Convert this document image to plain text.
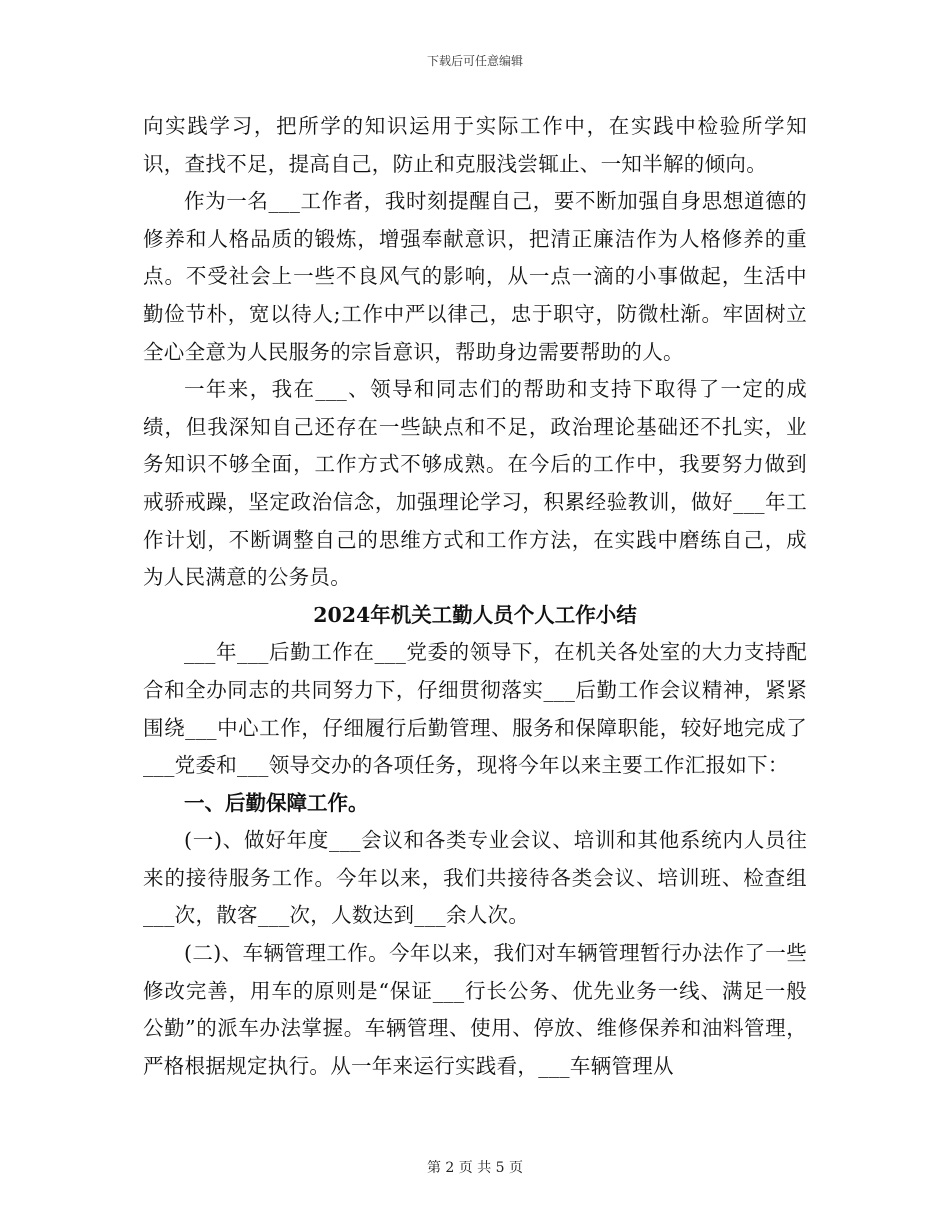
下载后可任意编辑

向实践学习，把所学的知识运用于实际工作中，在实践中检验所学知识，查找不足，提高自己，防止和克服浅尝辄止、一知半解的倾向。

作为一名___工作者，我时刻提醒自己，要不断加强自身思想道德的修养和人格品质的锻炼，增强奉献意识，把清正廉洁作为人格修养的重点。不受社会上一些不良风气的影响，从一点一滴的小事做起，生活中勤俭节朴，宽以待人;工作中严以律己，忠于职守，防微杜渐。牢固树立全心全意为人民服务的宗旨意识，帮助身边需要帮助的人。

一年来，我在___、领导和同志们的帮助和支持下取得了一定的成绩，但我深知自己还存在一些缺点和不足，政治理论基础还不扎实，业务知识不够全面，工作方式不够成熟。在今后的工作中，我要努力做到戒骄戒躁，坚定政治信念，加强理论学习，积累经验教训，做好___年工作计划，不断调整自己的思维方式和工作方法，在实践中磨练自己，成为人民满意的公务员。

2024年机关工勤人员个人工作小结

___年___后勤工作在___党委的领导下，在机关各处室的大力支持配合和全办同志的共同努力下，仔细贯彻落实___后勤工作会议精神，紧紧围绕___中心工作，仔细履行后勤管理、服务和保障职能，较好地完成了___党委和___领导交办的各项任务，现将今年以来主要工作汇报如下：

一、后勤保障工作。

(一)、做好年度___会议和各类专业会议、培训和其他系统内人员往来的接待服务工作。今年以来，我们共接待各类会议、培训班、检查组___次，散客___次，人数达到___余人次。

(二)、车辆管理工作。今年以来，我们对车辆管理暂行办法作了一些修改完善，用车的原则是“保证___行长公务、优先业务一线、满足一般公勤”的派车办法掌握。车辆管理、使用、停放、维修保养和油料管理，严格根据规定执行。从一年来运行实践看，___车辆管理从

第 2 页 共 5 页
